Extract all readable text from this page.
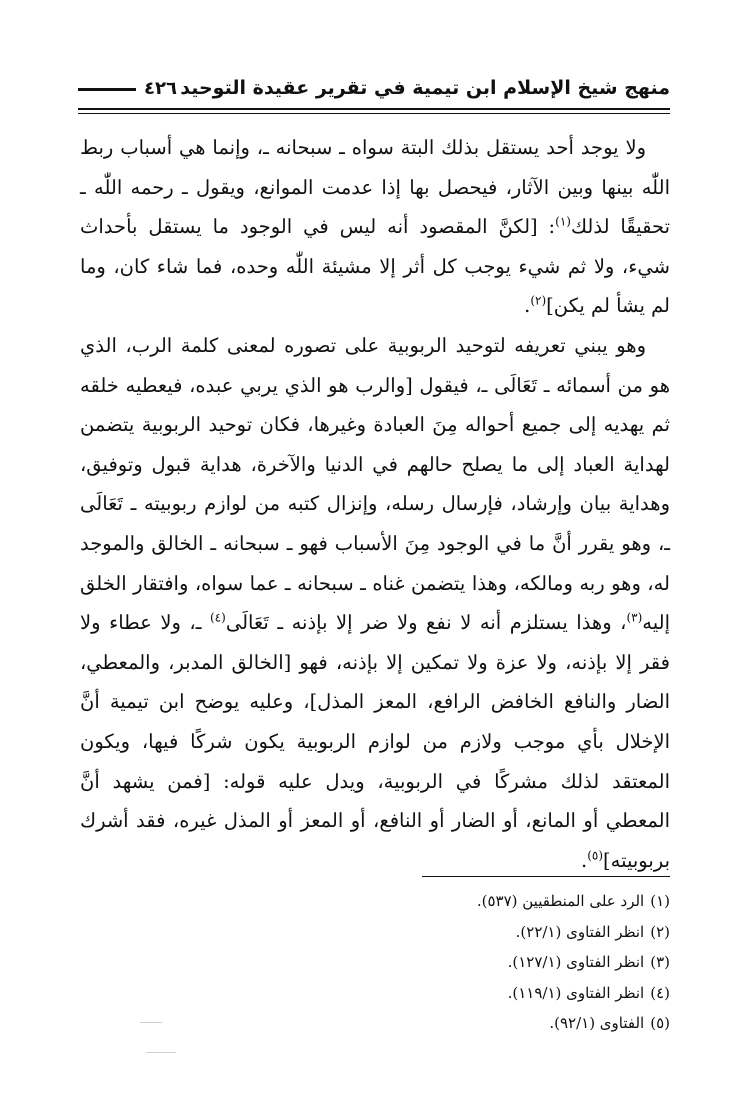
منهج شيخ الإسلام ابن تيمية في تقرير عقيدة التوحيد
٤٢٦

ولا يوجد أحد يستقل بذلك البتة سواه ـ سبحانه ـ، وإنما هي أسباب ربط اللّٰه بينها وبين الآثار، فيحصل بها إذا عدمت الموانع، ويقول ـ رحمه اللّٰه ـ تحقيقًا لذلك$^{(١)}$: [لكنَّ المقصود أنه ليس في الوجود ما يستقل بأحداث شيء، ولا ثم شيء يوجب كل أثر إلا مشيئة اللّٰه وحده، فما شاء كان، وما لم يشأ لم يكن]$^{(٢)}$.

وهو يبني تعريفه لتوحيد الربوبية على تصوره لمعنى كلمة الرب، الذي هو من أسمائه ـ تَعَالَى ـ، فيقول [والرب هو الذي يربي عبده، فيعطيه خلقه ثم يهديه إلى جميع أحواله مِنَ العبادة وغيرها، فكان توحيد الربوبية يتضمن لهداية العباد إلى ما يصلح حالهم في الدنيا والآخرة، هداية قبول وتوفيق، وهداية بيان وإرشاد، فإرسال رسله، وإنزال كتبه من لوازم ربوبيته ـ تَعَالَى ـ، وهو يقرر أنَّ ما في الوجود مِنَ الأسباب فهو ـ سبحانه ـ الخالق والموجد له، وهو ربه ومالكه، وهذا يتضمن غناه ـ سبحانه ـ عما سواه، وافتقار الخلق إليه$^{(٣)}$، وهذا يستلزم أنه لا نفع ولا ضر إلا بإذنه ـ تَعَالَى$^{(٤)}$ ـ، ولا عطاء ولا فقر إلا بإذنه، ولا عزة ولا تمكين إلا بإذنه، فهو [الخالق المدبر، والمعطي، الضار والنافع الخافض الرافع، المعز المذل]، وعليه يوضح ابن تيمية أنَّ الإخلال بأي موجب ولازم من لوازم الربوبية يكون شركًا فيها، ويكون المعتقد لذلك مشركًا في الربوبية، ويدل عليه قوله: [فمن يشهد أنَّ المعطي أو المانع، أو الضار أو النافع، أو المعز أو المذل غيره، فقد أشرك بربوبيته]$^{(٥)}$.

(١)الرد على المنطقيين (٥٣٧).
(٢)انظر الفتاوى (٢٢/١).
(٣)انظر الفتاوى (١٢٧/١).
(٤)انظر الفتاوى (١١٩/١).
(٥)الفتاوى (٩٢/١).
